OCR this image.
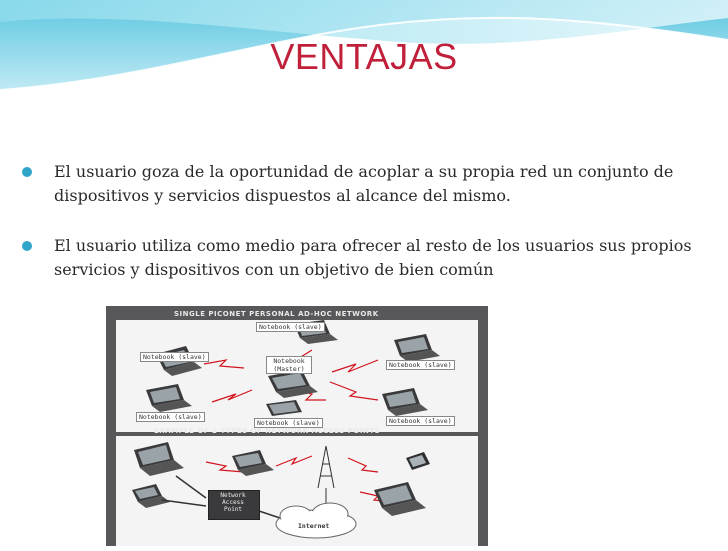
VENTAJAS
El usuario goza de la oportunidad de acoplar a su propia red un conjunto de dispositivos y servicios dispuestos al alcance del mismo.
El usuario utiliza como medio para ofrecer al resto de los usuarios sus propios servicios y dispositivos con un objetivo de bien común
SINGLE PICONET PERSONAL AD-HOC NETWORK
Notebook (slave)
Notebook (slave)	Notebook (Master)	Notebook (slave)
Notebook (slave)
Notebook (slave)	Notebook (slave)
EXAMPLE OF 2 TYPES OF NETWORK ACCESS POINTS
Network Access Point
Internet
